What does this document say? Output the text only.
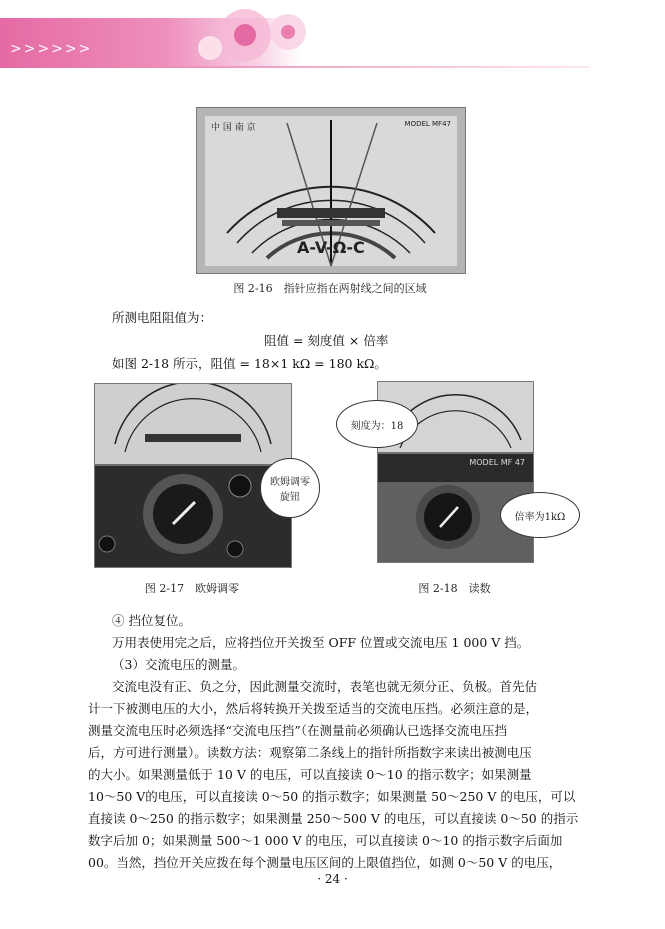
>>>>>>
中 国 南 京	MODEL MF47
A-V-Ω-C
图 2-16　指针应指在两射线之间的区域
所测电阻阻值为：
阻值 = 刻度值 × 倍率
如图 2-18 所示，阻值 = 18×1 kΩ = 180 kΩ。
欧姆调零旋钮
图 2-17　欧姆调零
MODEL MF 47
刻度为：18
倍率为1kΩ
图 2-18　读数
④ 挡位复位。
万用表使用完之后，应将挡位开关拨至 OFF 位置或交流电压 1 000 V 挡。
（3）交流电压的测量。
交流电没有正、负之分，因此测量交流时，表笔也就无须分正、负极。首先估
计一下被测电压的大小，然后将转换开关拨至适当的交流电压挡。必须注意的是，
测量交流电压时必须选择“交流电压挡”（在测量前必须确认已选择交流电压挡
后，方可进行测量）。读数方法：观察第二条线上的指针所指数字来读出被测电压
的大小。如果测量低于 10 V 的电压，可以直接读 0～10 的指示数字；如果测量
10～50 V的电压，可以直接读 0～50 的指示数字；如果测量 50～250 V 的电压，可以
直接读 0～250 的指示数字；如果测量 250～500 V 的电压，可以直接读 0～50 的指示
数字后加 0；如果测量 500～1 000 V 的电压，可以直接读 0～10 的指示数字后面加
00。当然，挡位开关应拨在每个测量电压区间的上限值挡位，如测 0～50 V 的电压，
· 24 ·
